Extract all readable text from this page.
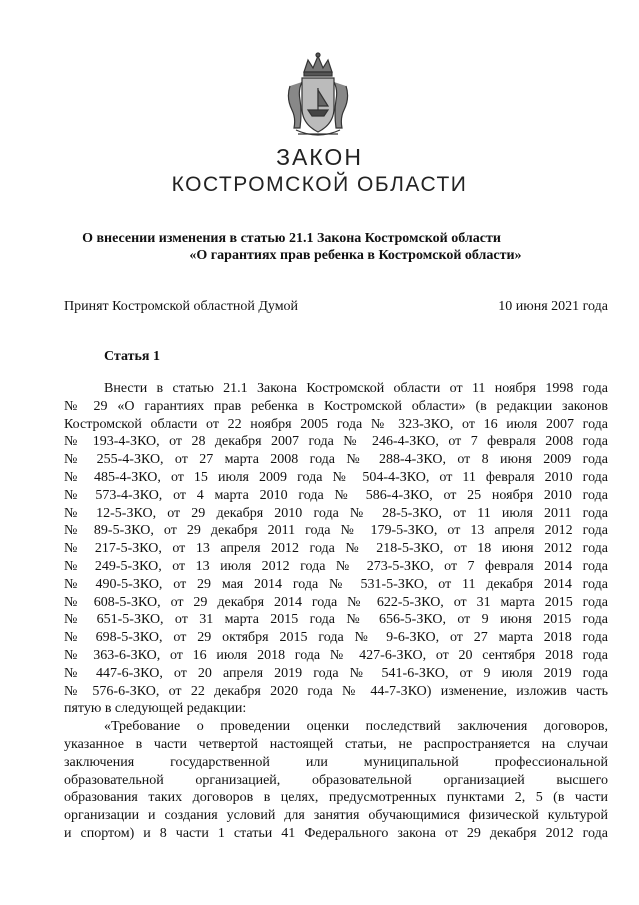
ЗАКОН
КОСТРОМСКОЙ ОБЛАСТИ
О внесении изменения в статью 21.1 Закона Костромской области
«О гарантиях прав ребенка в Костромской области»
Принят Костромской областной Думой	10 июня 2021 года
Статья 1
Внести в статью 21.1 Закона Костромской области от 11 ноября 1998 года
№ 29 «О гарантиях прав ребенка в Костромской области» (в редакции законов
Костромской области от 22 ноября 2005 года № 323-ЗКО, от 16 июля 2007 года
№ 193-4-ЗКО, от 28 декабря 2007 года № 246-4-ЗКО, от 7 февраля 2008 года
№ 255-4-ЗКО, от 27 марта 2008 года № 288-4-ЗКО, от 8 июня 2009 года
№ 485-4-ЗКО, от 15 июля 2009 года № 504-4-ЗКО, от 11 февраля 2010 года
№ 573-4-ЗКО, от 4 марта 2010 года № 586-4-ЗКО, от 25 ноября 2010 года
№ 12-5-ЗКО, от 29 декабря 2010 года № 28-5-ЗКО, от 11 июля 2011 года
№ 89-5-ЗКО, от 29 декабря 2011 года № 179-5-ЗКО, от 13 апреля 2012 года
№ 217-5-ЗКО, от 13 апреля 2012 года № 218-5-ЗКО, от 18 июня 2012 года
№ 249-5-ЗКО, от 13 июля 2012 года № 273-5-ЗКО, от 7 февраля 2014 года
№ 490-5-ЗКО, от 29 мая 2014 года № 531-5-ЗКО, от 11 декабря 2014 года
№ 608-5-ЗКО, от 29 декабря 2014 года № 622-5-ЗКО, от 31 марта 2015 года
№ 651-5-ЗКО, от 31 марта 2015 года № 656-5-ЗКО, от 9 июня 2015 года
№ 698-5-ЗКО, от 29 октября 2015 года № 9-6-ЗКО, от 27 марта 2018 года
№ 363-6-ЗКО, от 16 июля 2018 года № 427-6-ЗКО, от 20 сентября 2018 года
№ 447-6-ЗКО, от 20 апреля 2019 года № 541-6-ЗКО, от 9 июля 2019 года
№ 576-6-ЗКО, от 22 декабря 2020 года № 44-7-ЗКО) изменение, изложив часть
пятую в следующей редакции:
«Требование о проведении оценки последствий заключения договоров,
указанное в части четвертой настоящей статьи, не распространяется на случаи
заключения государственной или муниципальной профессиональной
образовательной организацией, образовательной организацией высшего
образования таких договоров в целях, предусмотренных пунктами 2, 5 (в части
организации и создания условий для занятия обучающимися физической культурой
и спортом) и 8 части 1 статьи 41 Федерального закона от 29 декабря 2012 года
